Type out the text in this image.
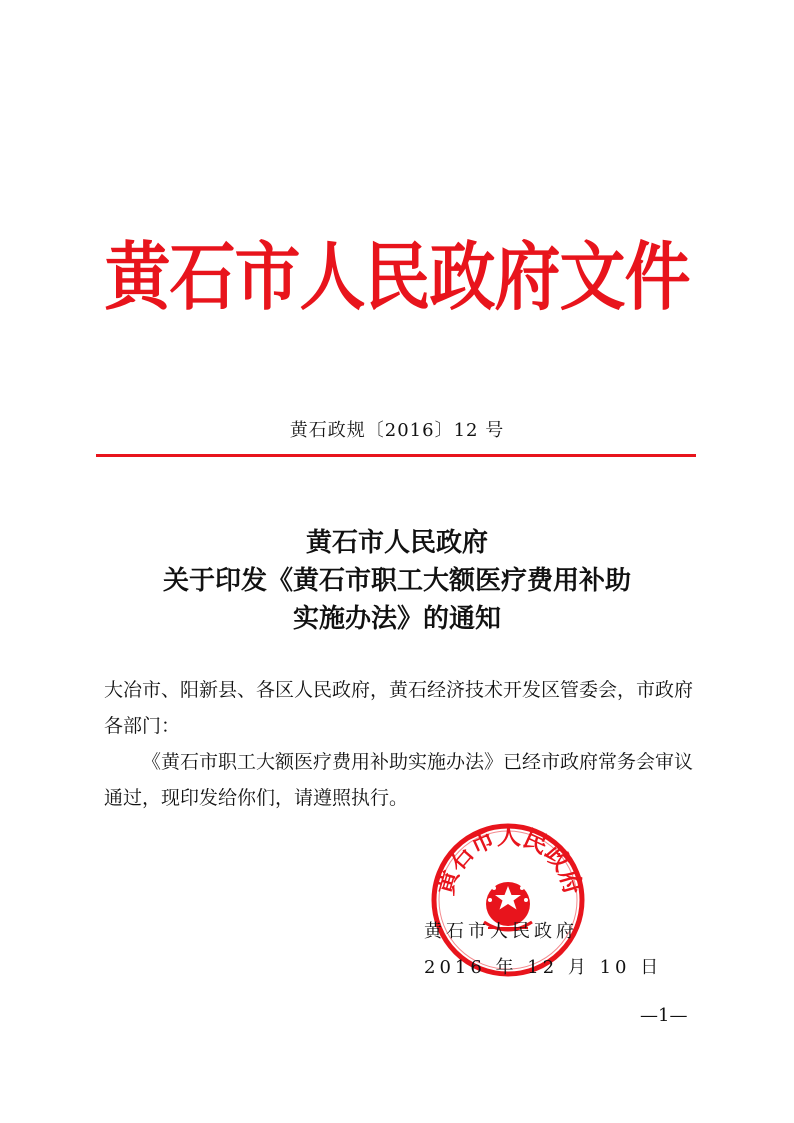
黄石市人民政府文件
黄石政规〔2016〕12 号
黄石市人民政府
关于印发《黄石市职工大额医疗费用补助
实施办法》的通知

大冶市、阳新县、各区人民政府，黄石经济技术开发区管委会，市政府各部门：

《黄石市职工大额医疗费用补助实施办法》已经市政府常务会审议通过，现印发给你们，请遵照执行。

黄石市人民政府
黄石市人民政府
2016 年 12 月 10 日
—1—
